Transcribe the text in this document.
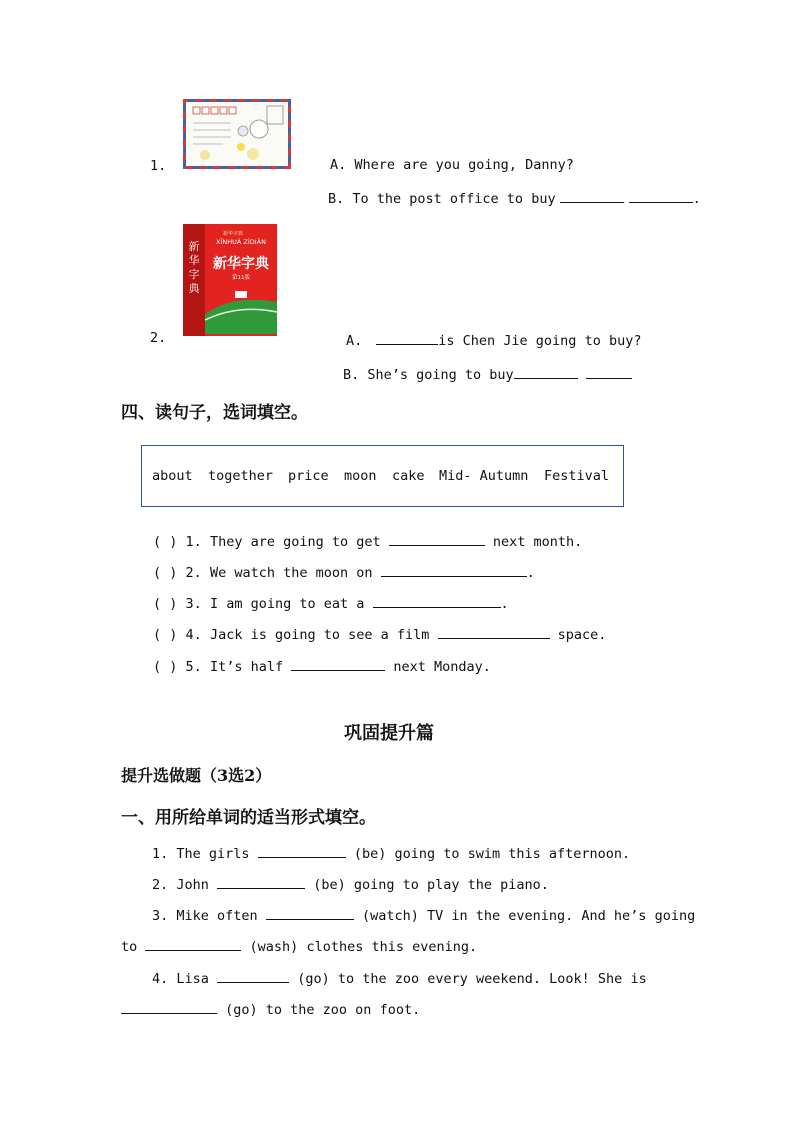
1.	A. Where are you going, Danny?
B. To the post office to buy	.
新
华
字
典
新华字典
XĪNHUÁ ZÌDIǍN
新华字典
第11版
2.	A.	is Chen Jie going to buy?
B. She’s going to buy
四、读句子，选词填空。
about together price moon cake Mid- Autumn Festival
( ) 1. They are going to get	next month.
( ) 2. We watch the moon on	.
( ) 3. I am going to eat a	.
( ) 4. Jack is going to see a film	space.
( ) 5. It’s half	next Monday.
巩固提升篇
提升选做题（3选2）
一、用所给单词的适当形式填空。
1. The girls	(be) going to swim this afternoon.
2. John	(be) going to play the piano.
3. Mike often	(watch) TV in the evening. And he’s going
to	(wash) clothes this evening.
4. Lisa	(go) to the zoo every weekend. Look! She is
(go) to the zoo on foot.
